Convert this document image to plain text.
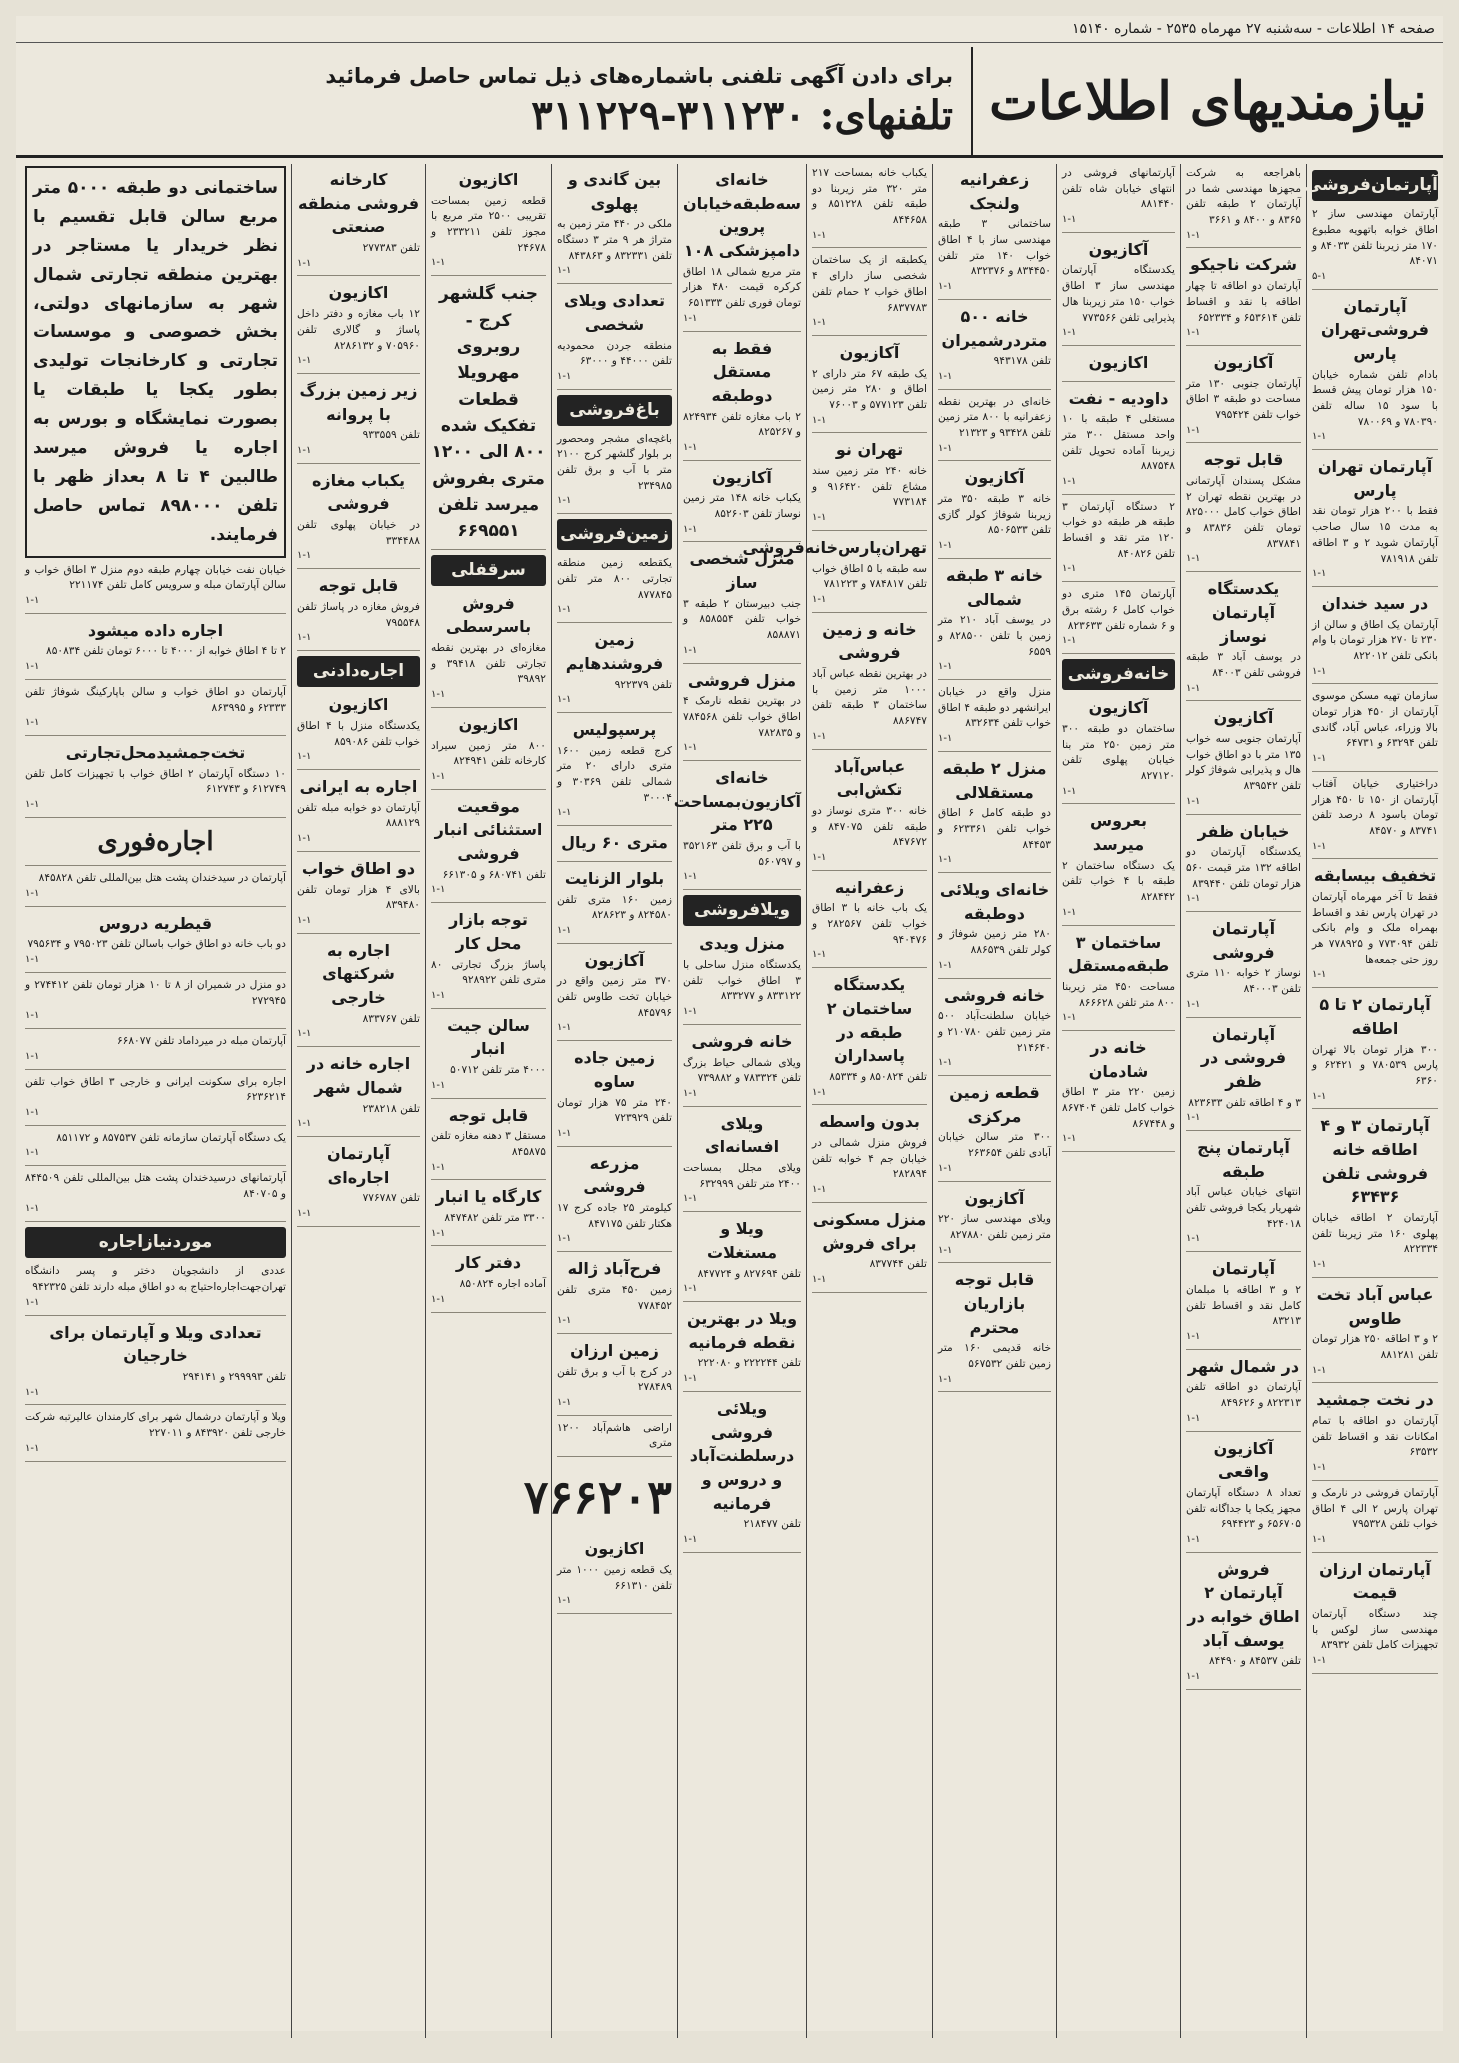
صفحه ۱۴ اطلاعات - سه‌شنبه ۲۷ مهرماه ۲۵۳۵ - شماره ۱۵۱۴۰
نیازمندیهای اطلاعات
برای دادن آگهی تلفنی باشماره‌های ذیل تماس حاصل فرمائید
تلفنهای: ۳۱۱۲۳۰-۳۱۱۲۲۹
آپارتمان‌فروشی
آپارتمان مهندسی ساز ۲ اطاق خوابه باتهویه مطبوع ۱۷۰ متر زیربنا تلفن ۸۴۰۳۳ و ۸۴۰۷۱
۵-۱
آپارتمان فروشی‌تهران پارس
بادام تلفن شماره خیابان ۱۵۰ هزار تومان پیش قسط با سود ۱۵ ساله تلفن ۷۸۰۳۹۰ و ۷۸۰۰۶۹
۱-۱
آپارتمان تهران پارس
فقط با ۲۰۰ هزار تومان نقد به مدت ۱۵ سال صاحب آپارتمان شوید ۲ و ۳ اطاقه تلفن ۷۸۱۹۱۸
۱-۱
در سید خندان
آپارتمان یک اطاق و سالن از ۲۳۰ تا ۲۷۰ هزار تومان با وام بانکی تلفن ۸۲۲۰۱۲
۱-۱
سازمان تهیه مسکن موسوی آپارتمان از ۴۵۰ هزار تومان بالا وزراء، عباس آباد، گاندی تلفن ۶۳۲۹۴ و ۶۴۷۳۱
۱-۱
دراختیاری خیابان آفتاب آپارتمان از ۱۵۰ تا ۴۵۰ هزار تومان باسود ۸ درصد تلفن ۸۳۷۴۱ و ۸۴۵۷۰
۱-۱
تخفیف بیسابقه
فقط تا آخر مهرماه آپارتمان در تهران پارس نقد و اقساط بهمراه ملک و وام بانکی تلفن ۷۷۳۰۹۴ و ۷۷۸۹۲۵ هر روز حتی جمعه‌ها
۱-۱
آپارتمان ۲ تا ۵ اطاقه
۳۰۰ هزار تومان بالا تهران پارس ۷۸۰۵۳۹ و ۶۲۴۲۱ و ۶۳۶۰
۱-۱
آپارتمان ۳ و ۴ اطاقه خانه فروشی تلفن ۶۳۴۳۶
آپارتمان ۲ اطاقه خیابان پهلوی ۱۶۰ متر زیربنا تلفن ۸۲۲۳۳۴
۱-۱
عباس آباد تخت طاوس
۲ و ۳ اطاقه ۲۵۰ هزار تومان تلفن ۸۸۱۲۸۱
۱-۱
در نخت جمشید
آپارتمان دو اطاقه با تمام امکانات نقد و اقساط تلفن ۶۳۵۳۲
۱-۱
آپارتمان فروشی در نارمک و تهران پارس ۲ الی ۴ اطاق خواب تلفن ۷۹۵۳۲۸
۱-۱
آپارتمان ارزان قیمت
چند دستگاه آپارتمان مهندسی ساز لوکس با تجهیزات کامل تلفن ۸۳۹۳۲
۱-۱
باهراجعه به شرکت مجهزها مهندسی شما در آپارتمان ۲ طبقه تلفن ۸۳۶۵ و ۸۴۰۰ و ۳۶۶۱
۱-۱
شرکت ناجیکو
آپارتمان دو اطاقه تا چهار اطاقه با نقد و اقساط تلفن ۶۵۳۶۱۴ و ۶۵۲۳۳۴
۱-۱
آکازیون
آپارتمان جنوبی ۱۳۰ متر مساحت دو طبقه ۳ اطاق خواب تلفن ۷۹۵۴۲۴
۱-۱
قابل توجه
مشکل پسندان آپارتمانی در بهترین نقطه تهران ۲ اطاق خواب کامل ۸۲۵۰۰۰ تومان تلفن ۸۳۸۳۶ و ۸۳۷۸۴۱
۱-۱
یکدستگاه آپارتمان نوساز
در یوسف آباد ۳ طبقه فروشی تلفن ۸۴۰۰۳
۱-۱
آکازیون
آپارتمان جنوبی سه خواب ۱۳۵ متر با دو اطاق خواب هال و پذیرایی شوفاژ کولر تلفن ۸۳۹۵۴۲
۱-۱
خیابان ظفر
یکدستگاه آپارتمان دو اطاقه ۱۳۲ متر قیمت ۵۶۰ هزار تومان تلفن ۸۳۹۴۴۰
۱-۱
آپارتمان فروشی
نوساز ۲ خوابه ۱۱۰ متری تلفن ۸۴۰۰۰۳
۱-۱
آپارتمان فروشی در ظفر
۳ و ۴ اطاقه تلفن ۸۲۳۶۳۳
۱-۱
آپارتمان پنج طبقه
انتهای خیابان عباس آباد شهریار یکجا فروشی تلفن ۴۲۴۰۱۸
۱-۱
آپارتمان
۲ و ۳ اطاقه با مبلمان کامل نقد و اقساط تلفن ۸۳۲۱۳
۱-۱
در شمال شهر
آپارتمان دو اطاقه تلفن ۸۲۲۳۱۳ و ۸۴۹۶۲۶
۱-۱
آکازیون واقعی
تعداد ۸ دستگاه آپارتمان مجهز یکجا یا جداگانه تلفن ۶۵۶۷۰۵ و ۶۹۴۴۲۳
۱-۱
فروش آپارتمان ۲ اطاق خوابه در یوسف آباد
تلفن ۸۴۵۳۷ و ۸۴۴۹۰
۱-۱
آپارتمانهای فروشی در انتهای خیابان شاه تلفن ۸۸۱۴۴۰
۱-۱
آکازیون
یکدستگاه آپارتمان مهندسی ساز ۳ اطاق خواب ۱۵۰ متر زیربنا هال پذیرایی تلفن ۷۷۳۵۶۶
۱-۱
اکازیون
داودیه - نفت
مستغلی ۴ طبقه با ۱۰ واحد مستقل ۳۰۰ متر زیربنا آماده تحویل تلفن ۸۸۷۵۴۸
۱-۱
۲ دستگاه آپارتمان ۳ طبقه هر طبقه دو خواب ۱۲۰ متر نقد و اقساط تلفن ۸۴۰۸۲۶
۱-۱
آپارتمان ۱۴۵ متری دو خواب کامل ۶ رشته برق و ۶ شماره تلفن ۸۲۳۶۳۳
۱-۱
خانه‌فروشی
آکازیون
ساختمان دو طبقه ۳۰۰ متر زمین ۲۵۰ متر بنا خیابان پهلوی تلفن ۸۲۷۱۲۰
۱-۱
بعروس میرسد
یک دستگاه ساختمان ۲ طبقه با ۴ خواب تلفن ۸۲۸۴۴۲
۱-۱
ساختمان ۳ طبقه‌مستقل
مساحت ۴۵۰ متر زیربنا ۸۰۰ متر تلفن ۸۶۶۶۲۸
۱-۱
خانه در شادمان
زمین ۲۲۰ متر ۳ اطاق خواب کامل تلفن ۸۶۷۴۰۴ و ۸۶۷۴۴۸
۱-۱
زعفرانیه ولنجک
ساختمانی ۳ طبقه مهندسی ساز با ۴ اطاق خواب ۱۴۰ متر تلفن ۸۳۴۴۵۰ و ۸۳۲۳۷۶
۱-۱
خانه ۵۰۰ متردرشمیران
تلفن ۹۴۳۱۷۸
۱-۱
خانه‌ای در بهترین نقطه زعفرانیه با ۸۰۰ متر زمین تلفن ۹۳۴۲۸ و ۲۱۳۲۳
۱-۱
آکازیون
خانه ۳ طبقه ۳۵۰ متر زیربنا شوفاژ کولر گازی تلفن ۸۵۰۶۵۳۳
۱-۱
خانه ۳ طبقه شمالی
در یوسف آباد ۲۱۰ متر زمین با تلفن ۸۲۸۵۰۰ و ۶۵۵۹
۱-۱
منزل واقع در خیابان ایرانشهر دو طبقه ۴ اطاق خواب تلفن ۸۳۲۶۳۴
۱-۱
منزل ۲ طبقه مستقلالی
دو طبقه کامل ۶ اطاق خواب تلفن ۶۲۳۳۶۱ و ۸۴۴۵۳
۱-۱
خانه‌ای ویلائی دو‌طبقه
۲۸۰ متر زمین شوفاژ و کولر تلفن ۸۸۶۵۳۹
۱-۱
خانه فروشی
خیابان سلطنت‌آباد ۵۰۰ متر زمین تلفن ۲۱۰۷۸۰ و ۲۱۴۶۴۰
۱-۱
قطعه زمین مرکزی
۳۰۰ متر سالن خیابان آبادی تلفن ۲۶۳۶۵۴
۱-۱
آکازیون
ویلای مهندسی ساز ۲۲۰ متر زمین تلفن ۸۲۷۸۸۰
۱-۱
قابل توجه بازاریان محترم
خانه قدیمی ۱۶۰ متر زمین تلفن ۵۶۷۵۳۲
۱-۱
یکباب خانه بمساحت ۲۱۷ متر ۳۲۰ متر زیربنا دو طبقه تلفن ۸۵۱۲۲۸ و ۸۴۴۶۵۸
۱-۱
یکطبقه از یک ساختمان شخصی ساز دارای ۴ اطاق خواب ۲ حمام تلفن ۶۸۳۷۷۸۳
۱-۱
آکازیون
یک طبقه ۶۷ متر دارای ۲ اطاق و ۲۸۰ متر زمین تلفن ۵۷۷۱۲۳ و ۷۶۰۰۳
۱-۱
تهران نو
خانه ۲۴۰ متر زمین سند مشاع تلفن ۹۱۶۴۲۰ و ۷۷۳۱۸۴
۱-۱
تهران‌پارس‌خانه‌فروشی
سه طبقه با ۵ اطاق خواب تلفن ۷۸۴۸۱۷ و ۷۸۱۲۲۳
۱-۱
خانه و زمین فروشی
در بهترین نقطه عباس آباد ۱۰۰۰ متر زمین با ساختمان ۳ طبقه تلفن ۸۸۶۷۴۷
۱-۱
عباس‌آباد تکش‌ابی
خانه ۳۰۰ متری نوساز دو طبقه تلفن ۸۴۷۰۷۵ و ۸۴۷۶۷۲
۱-۱
زعفرانیه
یک باب خانه با ۳ اطاق خواب تلفن ۲۸۲۵۶۷ و ۹۴۰۴۷۶
۱-۱
یکدستگاه ساختمان ۲ طبقه در پاسداران
تلفن ۸۵۰۸۲۴ و ۸۵۳۳۴
۱-۱
بدون واسطه
فروش منزل شمالی در خیابان جم ۴ خوابه تلفن ۲۸۲۸۹۴
۱-۱
منزل مسکونی برای فروش
تلفن ۸۳۷۷۴۴
۱-۱
خانه‌ای سه‌طبقه‌خیابان پروین دامپزشکی ۱۰۸
متر مربع شمالی ۱۸ اطاق کرکره قیمت ۴۸۰ هزار تومان فوری تلفن ۶۵۱۳۳۳
۱-۱
فقط به مستقل دوطبقه
۲ باب مغازه تلفن ۸۲۴۹۳۴ و ۸۲۵۲۶۷
۱-۱
آکازیون
یکباب خانه ۱۴۸ متر زمین نوساز تلفن ۸۵۲۶۰۳
۱-۱
منزل شخصی ساز
جنب دبیرستان ۲ طبقه ۳ خواب تلفن ۸۵۸۵۵۴ و ۸۵۸۸۷۱
۱-۱
منزل فروشی
در بهترین نقطه نارمک ۴ اطاق خواب تلفن ۷۸۴۵۶۸ و ۷۸۲۸۳۵
۱-۱
خانه‌ای آکازیون‌بمساحت ۲۲۵ متر
با آب و برق تلفن ۳۵۲۱۶۳ و ۵۶۰۷۹۷
۱-۱
ویلافروشی
منزل ویدی
یکدستگاه منزل ساحلی با ۳ اطاق خواب تلفن ۸۳۳۱۲۲ و ۸۳۳۲۷۷
۱-۱
خانه فروشی
ویلای شمالی حیاط بزرگ تلفن ۷۸۳۳۲۴ و ۷۳۹۸۸۲
۱-۱
ویلای افسانه‌ای
ویلای مجلل بمساحت ۲۴۰۰ متر تلفن ۶۳۲۹۹۹
۱-۱
ویلا و مستغلات
تلفن ۸۲۷۶۹۴ و ۸۴۷۷۲۴
۱-۱
ویلا در بهترین نقطه فرمانیه
تلفن ۲۲۲۲۴۴ و ۲۲۲۰۸۰
۱-۱
ویلائی فروشی درسلطنت‌آباد و دروس و فرمانیه
تلفن ۲۱۸۴۷۷
۱-۱
بین گاندی و پهلوی
ملکی در ۴۴۰ متر زمین به متراژ هر ۹ متر ۳ دستگاه تلفن ۸۳۲۳۳۱ و ۸۴۳۸۶۳
۱-۱
تعدادی ویلای شخصی
منطقه جردن محمودیه تلفن ۴۴۰۰۰ و ۶۳۰۰۰
۱-۱
باغ‌فروشی
باغچه‌ای مشجر ومحصور بر بلوار گلشهر کرج ۲۱۰۰ متر با آب و برق تلفن ۲۳۴۹۸۵
۱-۱
زمین‌فروشی
یکقطعه زمین منطقه تجارتی ۸۰۰ متر تلفن ۸۷۷۸۴۵
۱-۱
زمین فروشندهایم
تلفن ۹۲۲۳۷۹
۱-۱
پرسپولیس
کرج قطعه زمین ۱۶۰۰ متری دارای ۲۰ متر شمالی تلفن ۳۰۳۶۹ و ۳۰۰۰۴
۱-۱
متری ۶۰ ریال
بلوار الزنایت
زمین ۱۶۰ متری تلفن ۸۲۴۵۸۰ و ۸۲۸۶۲۳
۱-۱
آکازیون
۳۷۰ متر زمین واقع در خیابان تخت طاوس تلفن ۸۴۵۷۹۶
۱-۱
زمین جاده ساوه
۲۴۰ متر ۷۵ هزار تومان تلفن ۷۲۳۹۲۹
۱-۱
مزرعه فروشی
کیلومتر ۲۵ جاده کرج ۱۷ هکتار تلفن ۸۴۷۱۷۵
۱-۱
فرح‌آباد ژاله
زمین ۴۵۰ متری تلفن ۷۷۸۴۵۲
۱-۱
زمین ارزان
در کرج با آب و برق تلفن ۲۷۸۴۸۹
۱-۱
اراضی هاشم‌آباد ۱۲۰۰ متری
۷۶۶۲۰۳
اکازیون
یک قطعه زمین ۱۰۰۰ متر تلفن ۶۶۱۳۱۰
۱-۱
اکازیون
قطعه زمین بمساحت تقریبی ۲۵۰۰ متر مربع با مجوز تلفن ۲۳۳۲۱۱ و ۲۴۶۷۸
۱-۱
جنب گلشهر کرج - روبروی مهرویلا قطعات تفکیک شده ۸۰۰ الی ۱۲۰۰ متری بفروش میرسد تلفن ۶۶۹۵۵۱
سرقفلی
فروش باسرسطی
مغازه‌ای در بهترین نقطه تجارتی تلفن ۳۹۴۱۸ و ۳۹۸۹۲
۱-۱
اکازیون
۸۰۰ متر زمین سیراد کارخانه تلفن ۸۲۴۹۴۱
۱-۱
موقعیت استثنائی انبار فروشی
تلفن ۶۸۰۷۴۱ و ۶۶۱۳۰۵
۱-۱
توجه بازار محل کار
پاساژ بزرگ تجارتی ۸۰ متری تلفن ۹۲۸۹۲۲
۱-۱
سالن جیت انبار
۴۰۰۰ متر تلفن ۵۰۷۱۲
۱-۱
قابل توجه
مستقل ۳ دهنه مغازه تلفن ۸۴۵۸۷۵
۱-۱
کارگاه یا انبار
۳۳۰۰ متر تلفن ۸۴۷۴۸۲
۱-۱
دفتر کار
آماده اجاره ۸۵۰۸۲۴
۱-۱
کارخانه فروشی منطقه صنعتی
تلفن ۲۷۷۳۸۳
۱-۱
اکازیون
۱۲ باب مغازه و دفتر داخل پاساژ و گالاری تلفن ۷۰۵۹۶۰ و ۸۲۸۶۱۳۲
۱-۱
زیر زمین بزرگ با پروانه
تلفن ۹۳۳۵۵۹
۱-۱
یکباب مغازه فروشی
در خیابان پهلوی تلفن ۳۳۴۴۸۸
۱-۱
قابل توجه
فروش مغازه در پاساژ تلفن ۷۹۵۵۴۸
۱-۱
اجاره‌دادنی
اکازیون
یکدستگاه منزل با ۴ اطاق خواب تلفن ۸۵۹۰۸۶
۱-۱
اجاره به ایرانی
آپارتمان دو خوابه مبله تلفن ۸۸۸۱۲۹
۱-۱
دو اطاق خواب
بالای ۴ هزار تومان تلفن ۸۳۹۴۸۰
۱-۱
اجاره به شرکتهای خارجی
تلفن ۸۳۳۷۶۷
۱-۱
اجاره خانه در شمال شهر
تلفن ۲۳۸۲۱۸
۱-۱
آپارتمان اجاره‌ای
تلفن ۷۷۶۷۸۷
۱-۱
ساختمانی دو طبقه ۵۰۰۰ متر مربع سالن قابل تقسیم با نظر خریدار یا مستاجر در بهترین منطقه تجارتی شمال شهر به سازمانهای دولتی، بخش خصوصی و موسسات تجارتی و کارخانجات تولیدی بطور یکجا یا طبقات یا بصورت نمایشگاه و بورس به اجاره یا فروش میرسد طالبین ۴ تا ۸ بعداز ظهر با تلفن ۸۹۸۰۰۰ تماس حاصل فرمایند.
خیابان نفت خیابان چهارم طبقه دوم منزل ۳ اطاق خواب و سالن آپارتمان مبله و سرویس کامل تلفن ۲۲۱۱۷۴
۱-۱
اجاره داده میشود
۲ تا ۴ اطاق خوابه از ۴۰۰۰ تا ۶۰۰۰ تومان تلفن ۸۵۰۸۳۴
۱-۱
آپارتمان دو اطاق خواب و سالن باپارکینگ شوفاژ تلفن ۶۲۳۳۳ و ۸۶۳۹۹۵
۱-۱
تخت‌جمشید‌محل‌تجارتی
۱۰ دستگاه آپارتمان ۲ اطاق خواب با تجهیزات کامل تلفن ۶۱۲۷۴۹ و ۶۱۲۷۴۳
۱-۱
اجاره‌فوری
آپارتمان در سیدخندان پشت هتل بین‌المللی تلفن ۸۴۵۸۲۸
۱-۱
قیطریه دروس
دو باب خانه دو اطاق خواب باسالن تلفن ۷۹۵۰۲۳ و ۷۹۵۶۳۴
۱-۱
دو منزل در شمیران از ۸ تا ۱۰ هزار تومان تلفن ۲۷۴۴۱۲ و ۲۷۲۹۴۵
۱-۱
آپارتمان مبله در میرداماد تلفن ۶۶۸۰۷۷
۱-۱
اجاره برای سکونت ایرانی و خارجی ۳ اطاق خواب تلفن ۶۲۳۶۲۱۴
۱-۱
یک دستگاه آپارتمان سازمانه تلفن ۸۵۷۵۳۷ و ۸۵۱۱۷۲
۱-۱
آپارتمانهای درسیدخندان پشت هتل بین‌المللی تلفن ۸۴۴۵۰۹ و ۸۴۰۷۰۵
۱-۱
موردنیازاجاره
عددی از دانشجویان دختر و پسر دانشگاه تهران‌جهت‌اجاره‌احتیاج به دو اطاق مبله دارند تلفن ۹۴۲۳۲۵
۱-۱
تعدادی ویلا و آپارتمان برای خارجیان
تلفن ۲۹۹۹۹۳ و ۲۹۴۱۴۱
۱-۱
ویلا و آپارتمان درشمال شهر برای کارمندان عالیرتبه شرکت خارجی تلفن ۸۴۳۹۲۰ و ۲۲۷۰۱۱
۱-۱
